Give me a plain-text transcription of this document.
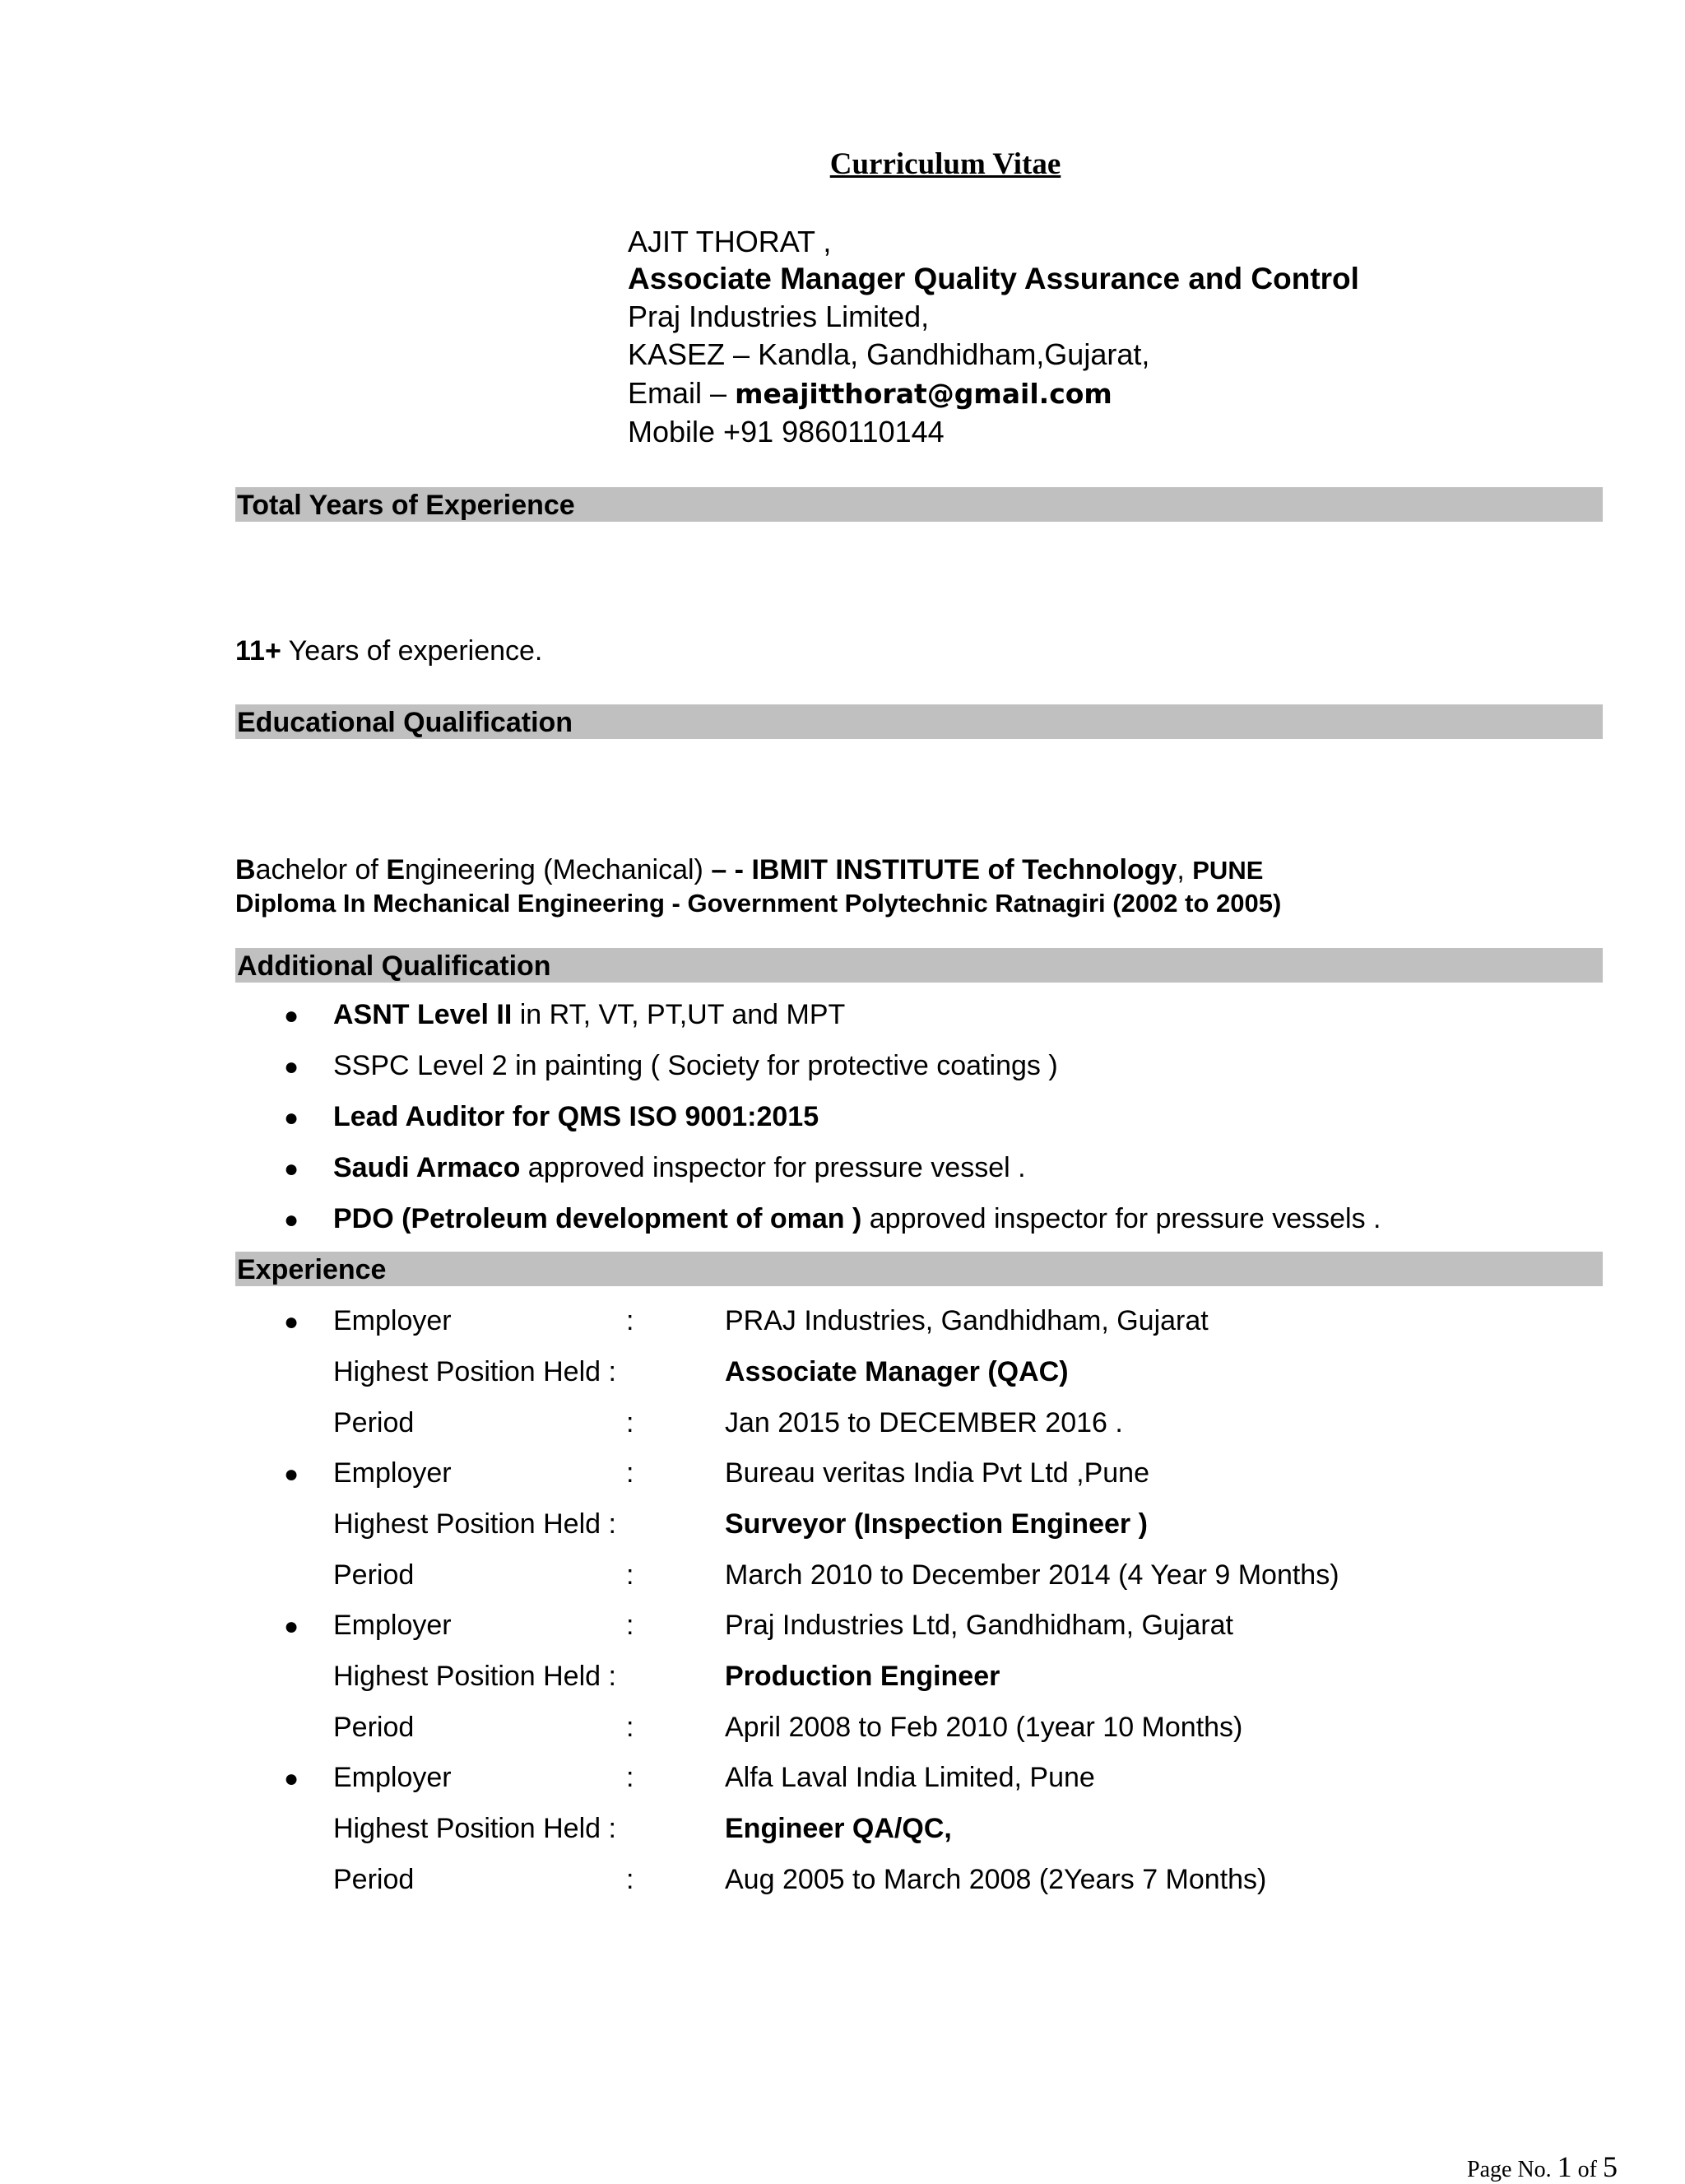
Curriculum Vitae
AJIT THORAT ,
Associate Manager Quality Assurance and Control
Praj Industries Limited,
KASEZ – Kandla, Gandhidham,Gujarat,
Email – meajitthorat@gmail.com
Mobile +91 9860110144
Total Years of Experience
11+ Years of experience.
Educational Qualification
Bachelor of Engineering (Mechanical) – - IBMIT INSTITUTE of Technology, PUNE
Diploma In Mechanical Engineering - Government Polytechnic Ratnagiri (2002 to 2005)
Additional Qualification
● ASNT Level II in RT, VT, PT,UT and MPT
● SSPC Level 2 in painting ( Society for protective coatings )
● Lead Auditor for QMS ISO 9001:2015
● Saudi Armaco approved inspector for pressure vessel .
● PDO (Petroleum development of oman ) approved inspector for pressure vessels .
Experience
● Employer	:	PRAJ Industries, Gandhidham, Gujarat
Highest Position Held :	Associate Manager (QAC)
Period	:	Jan 2015 to DECEMBER 2016 .
● Employer	:	Bureau veritas India Pvt Ltd ,Pune
Highest Position Held :	Surveyor (Inspection Engineer )
Period	:	March 2010 to December 2014 (4 Year 9 Months)
● Employer	:	Praj Industries Ltd, Gandhidham, Gujarat
Highest Position Held :	Production Engineer
Period	:	April 2008 to Feb 2010 (1year 10 Months)
● Employer	:	Alfa Laval India Limited, Pune
Highest Position Held :	Engineer QA/QC,
Period	:	Aug 2005 to March 2008 (2Years 7 Months)
Page No. 1 of 5
